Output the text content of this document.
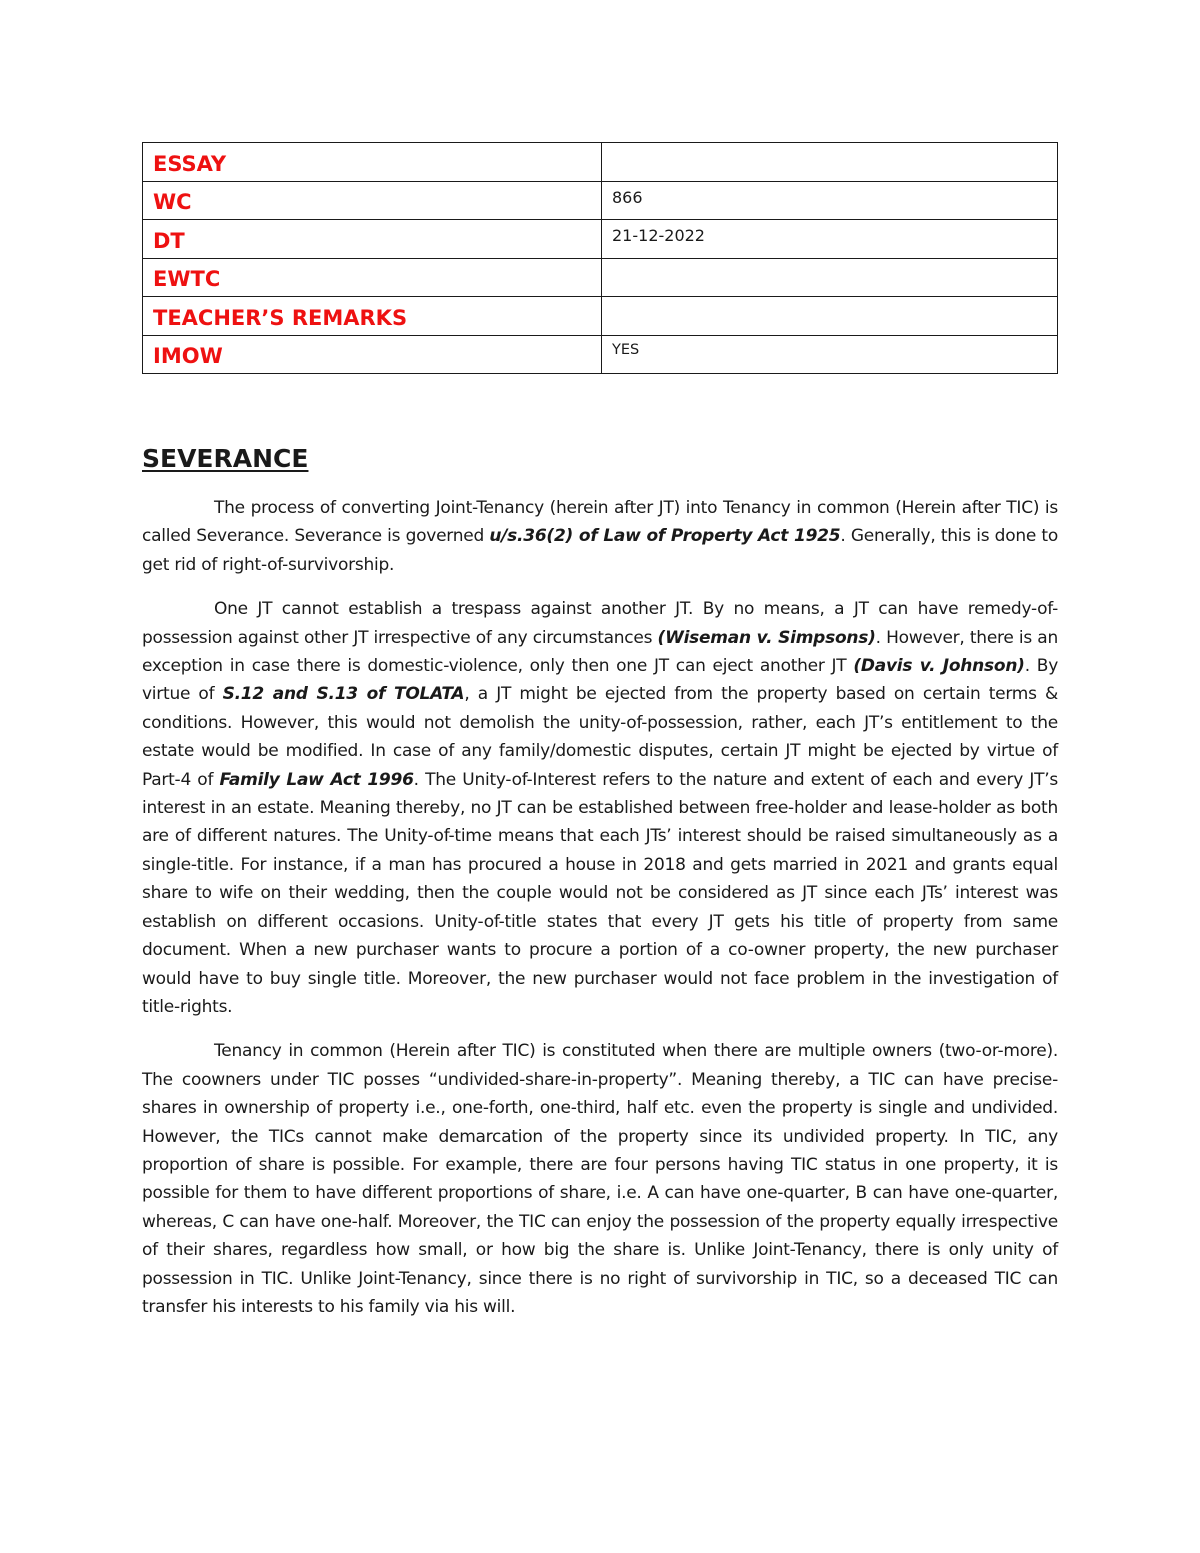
ESSAY	
WC	866
DT	21-12-2022
EWTC	
TEACHER’S REMARKS	
IMOW	YES
SEVERANCE

The process of converting Joint-Tenancy (herein after JT) into Tenancy in common (Herein after TIC) is called Severance. Severance is governed u/s.36(2) of Law of Property Act 1925. Generally, this is done to get rid of right-of-survivorship.

One JT cannot establish a trespass against another JT. By no means, a JT can have remedy-of-possession against other JT irrespective of any circumstances (Wiseman v. Simpsons). However, there is an exception in case there is domestic-violence, only then one JT can eject another JT (Davis v. Johnson). By virtue of S.12 and S.13 of TOLATA, a JT might be ejected from the property based on certain terms & conditions. However, this would not demolish the unity-of-possession, rather, each JT’s entitlement to the estate would be modified. In case of any family/domestic disputes, certain JT might be ejected by virtue of Part-4 of Family Law Act 1996. The Unity-of-Interest refers to the nature and extent of each and every JT’s interest in an estate. Meaning thereby, no JT can be established between free-holder and lease-holder as both are of different natures. The Unity-of-time means that each JTs’ interest should be raised simultaneously as a single-title. For instance, if a man has procured a house in 2018 and gets married in 2021 and grants equal share to wife on their wedding, then the couple would not be considered as JT since each JTs’ interest was establish on different occasions. Unity-of-title states that every JT gets his title of property from same document. When a new purchaser wants to procure a portion of a co-owner property, the new purchaser would have to buy single title. Moreover, the new purchaser would not face problem in the investigation of title-rights.

Tenancy in common (Herein after TIC) is constituted when there are multiple owners (two-or-more). The coowners under TIC posses “undivided-share-in-property”. Meaning thereby, a TIC can have precise-shares in ownership of property i.e., one-forth, one-third, half etc. even the property is single and undivided. However, the TICs cannot make demarcation of the property since its undivided property. In TIC, any proportion of share is possible. For example, there are four persons having TIC status in one property, it is possible for them to have different proportions of share, i.e. A can have one-quarter, B can have one-quarter, whereas, C can have one-half. Moreover, the TIC can enjoy the possession of the property equally irrespective of their shares, regardless how small, or how big the share is. Unlike Joint-Tenancy, there is only unity of possession in TIC. Unlike Joint-Tenancy, since there is no right of survivorship in TIC, so a deceased TIC can transfer his interests to his family via his will.
